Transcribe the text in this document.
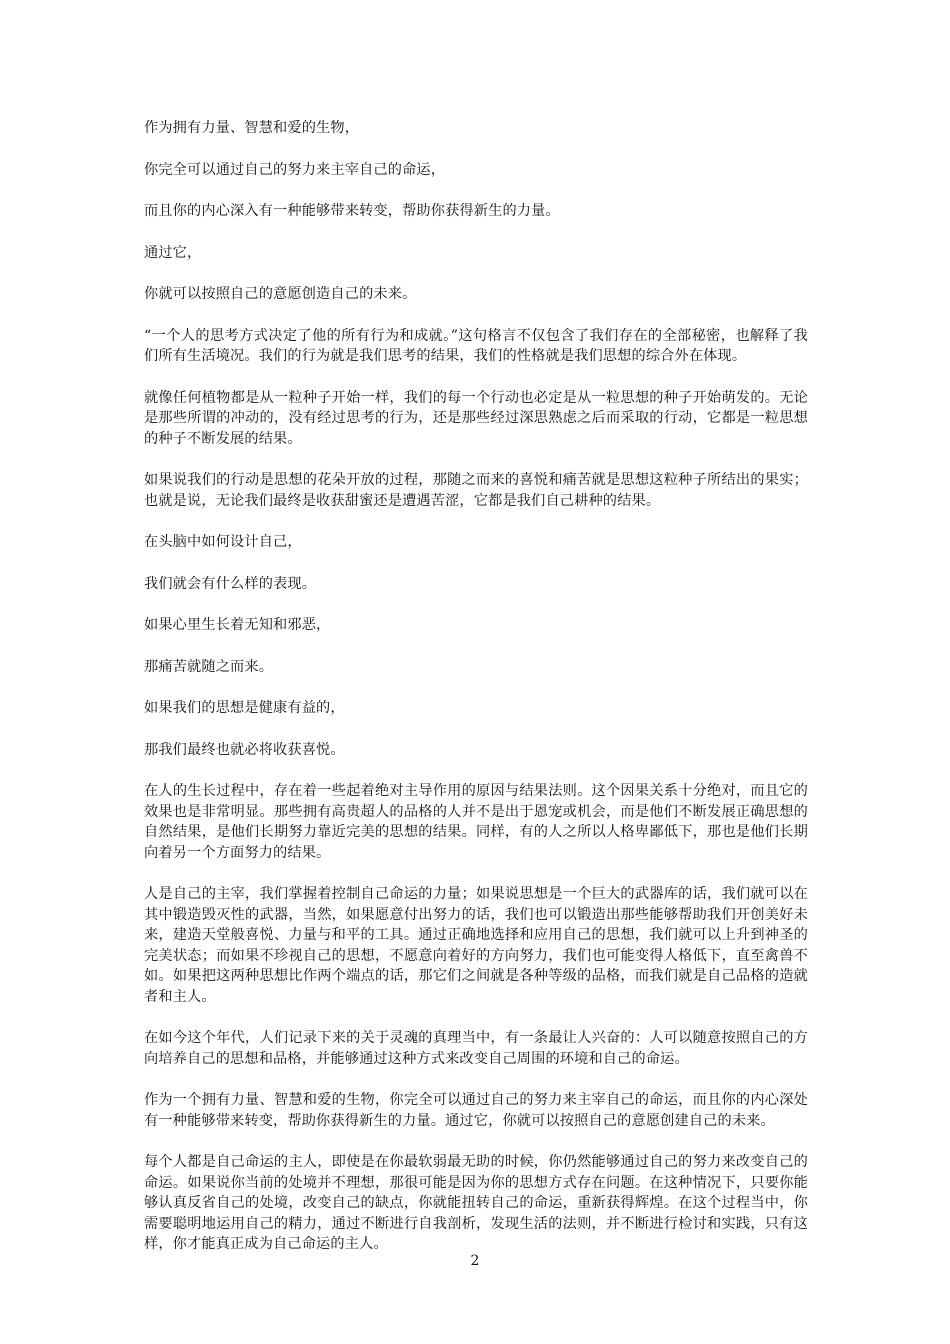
作为拥有力量、智慧和爱的生物，

你完全可以通过自己的努力来主宰自己的命运，

而且你的内心深入有一种能够带来转变，帮助你获得新生的力量。

通过它，

你就可以按照自己的意愿创造自己的未来。

“一个人的思考方式决定了他的所有行为和成就。”这句格言不仅包含了我们存在的全部秘密，也解释了我们所有生活境况。我们的行为就是我们思考的结果，我们的性格就是我们思想的综合外在体现。

就像任何植物都是从一粒种子开始一样，我们的每一个行动也必定是从一粒思想的种子开始萌发的。无论是那些所谓的冲动的，没有经过思考的行为，还是那些经过深思熟虑之后而采取的行动，它都是一粒思想的种子不断发展的结果。

如果说我们的行动是思想的花朵开放的过程，那随之而来的喜悦和痛苦就是思想这粒种子所结出的果实；也就是说，无论我们最终是收获甜蜜还是遭遇苦涩，它都是我们自己耕种的结果。

在头脑中如何设计自己，

我们就会有什么样的表现。

如果心里生长着无知和邪恶，

那痛苦就随之而来。

如果我们的思想是健康有益的，

那我们最终也就必将收获喜悦。

在人的生长过程中，存在着一些起着绝对主导作用的原因与结果法则。这个因果关系十分绝对，而且它的效果也是非常明显。那些拥有高贵超人的品格的人并不是出于恩宠或机会，而是他们不断发展正确思想的自然结果，是他们长期努力靠近完美的思想的结果。同样，有的人之所以人格卑鄙低下，那也是他们长期向着另一个方面努力的结果。

人是自己的主宰，我们掌握着控制自己命运的力量；如果说思想是一个巨大的武器库的话，我们就可以在其中锻造毁灭性的武器，当然，如果愿意付出努力的话，我们也可以锻造出那些能够帮助我们开创美好未来，建造天堂般喜悦、力量与和平的工具。通过正确地选择和应用自己的思想，我们就可以上升到神圣的完美状态；而如果不珍视自己的思想，不愿意向着好的方向努力，我们也可能变得人格低下，直至禽兽不如。如果把这两种思想比作两个端点的话，那它们之间就是各种等级的品格，而我们就是自己品格的造就者和主人。

在如今这个年代，人们记录下来的关于灵魂的真理当中，有一条最让人兴奋的：人可以随意按照自己的方向培养自己的思想和品格，并能够通过这种方式来改变自己周围的环境和自己的命运。

作为一个拥有力量、智慧和爱的生物，你完全可以通过自己的努力来主宰自己的命运，而且你的内心深处有一种能够带来转变，帮助你获得新生的力量。通过它，你就可以按照自己的意愿创建自己的未来。

每个人都是自己命运的主人，即使是在你最软弱最无助的时候，你仍然能够通过自己的努力来改变自己的命运。如果说你当前的处境并不理想，那很可能是因为你的思想方式存在问题。在这种情况下，只要你能够认真反省自己的处境，改变自己的缺点，你就能扭转自己的命运，重新获得辉煌。在这个过程当中，你需要聪明地运用自己的精力，通过不断进行自我剖析，发现生活的法则，并不断进行检讨和实践，只有这样，你才能真正成为自己命运的主人。

2
